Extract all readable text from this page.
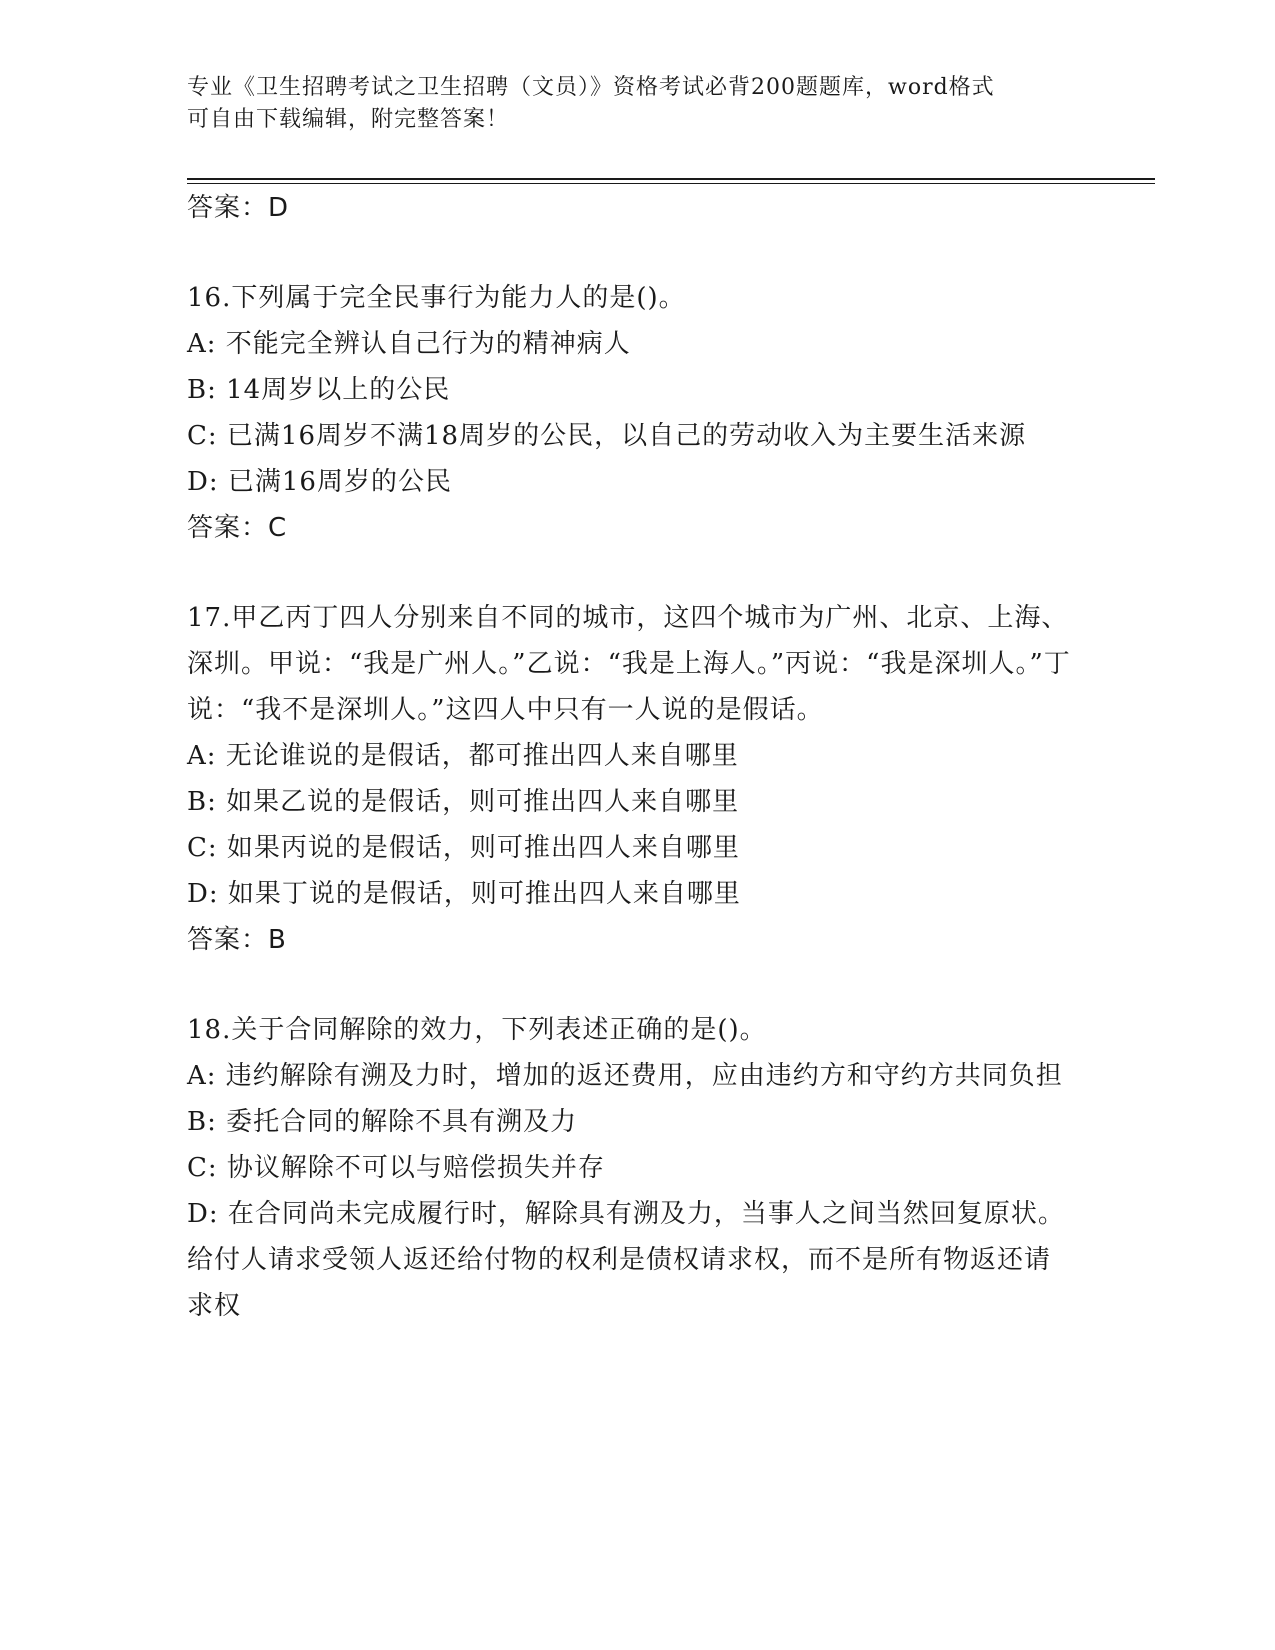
专业《卫生招聘考试之卫生招聘（文员）》资格考试必背200题题库，word格式
可自由下载编辑，附完整答案！
答案：D
16.下列属于完全民事行为能力人的是()。
A: 不能完全辨认自己行为的精神病人
B: 14周岁以上的公民
C: 已满16周岁不满18周岁的公民，以自己的劳动收入为主要生活来源
D: 已满16周岁的公民
答案：C
17.甲乙丙丁四人分别来自不同的城市，这四个城市为广州、北京、上海、深圳。甲说：“我是广州人。”乙说：“我是上海人。”丙说：“我是深圳人。”丁说：“我不是深圳人。”这四人中只有一人说的是假话。
A: 无论谁说的是假话，都可推出四人来自哪里
B: 如果乙说的是假话，则可推出四人来自哪里
C: 如果丙说的是假话，则可推出四人来自哪里
D: 如果丁说的是假话，则可推出四人来自哪里
答案：B
18.关于合同解除的效力，下列表述正确的是()。
A: 违约解除有溯及力时，增加的返还费用，应由违约方和守约方共同负担
B: 委托合同的解除不具有溯及力
C: 协议解除不可以与赔偿损失并存
D: 在合同尚未完成履行时，解除具有溯及力，当事人之间当然回复原状。给付人请求受领人返还给付物的权利是债权请求权，而不是所有物返还请求权
